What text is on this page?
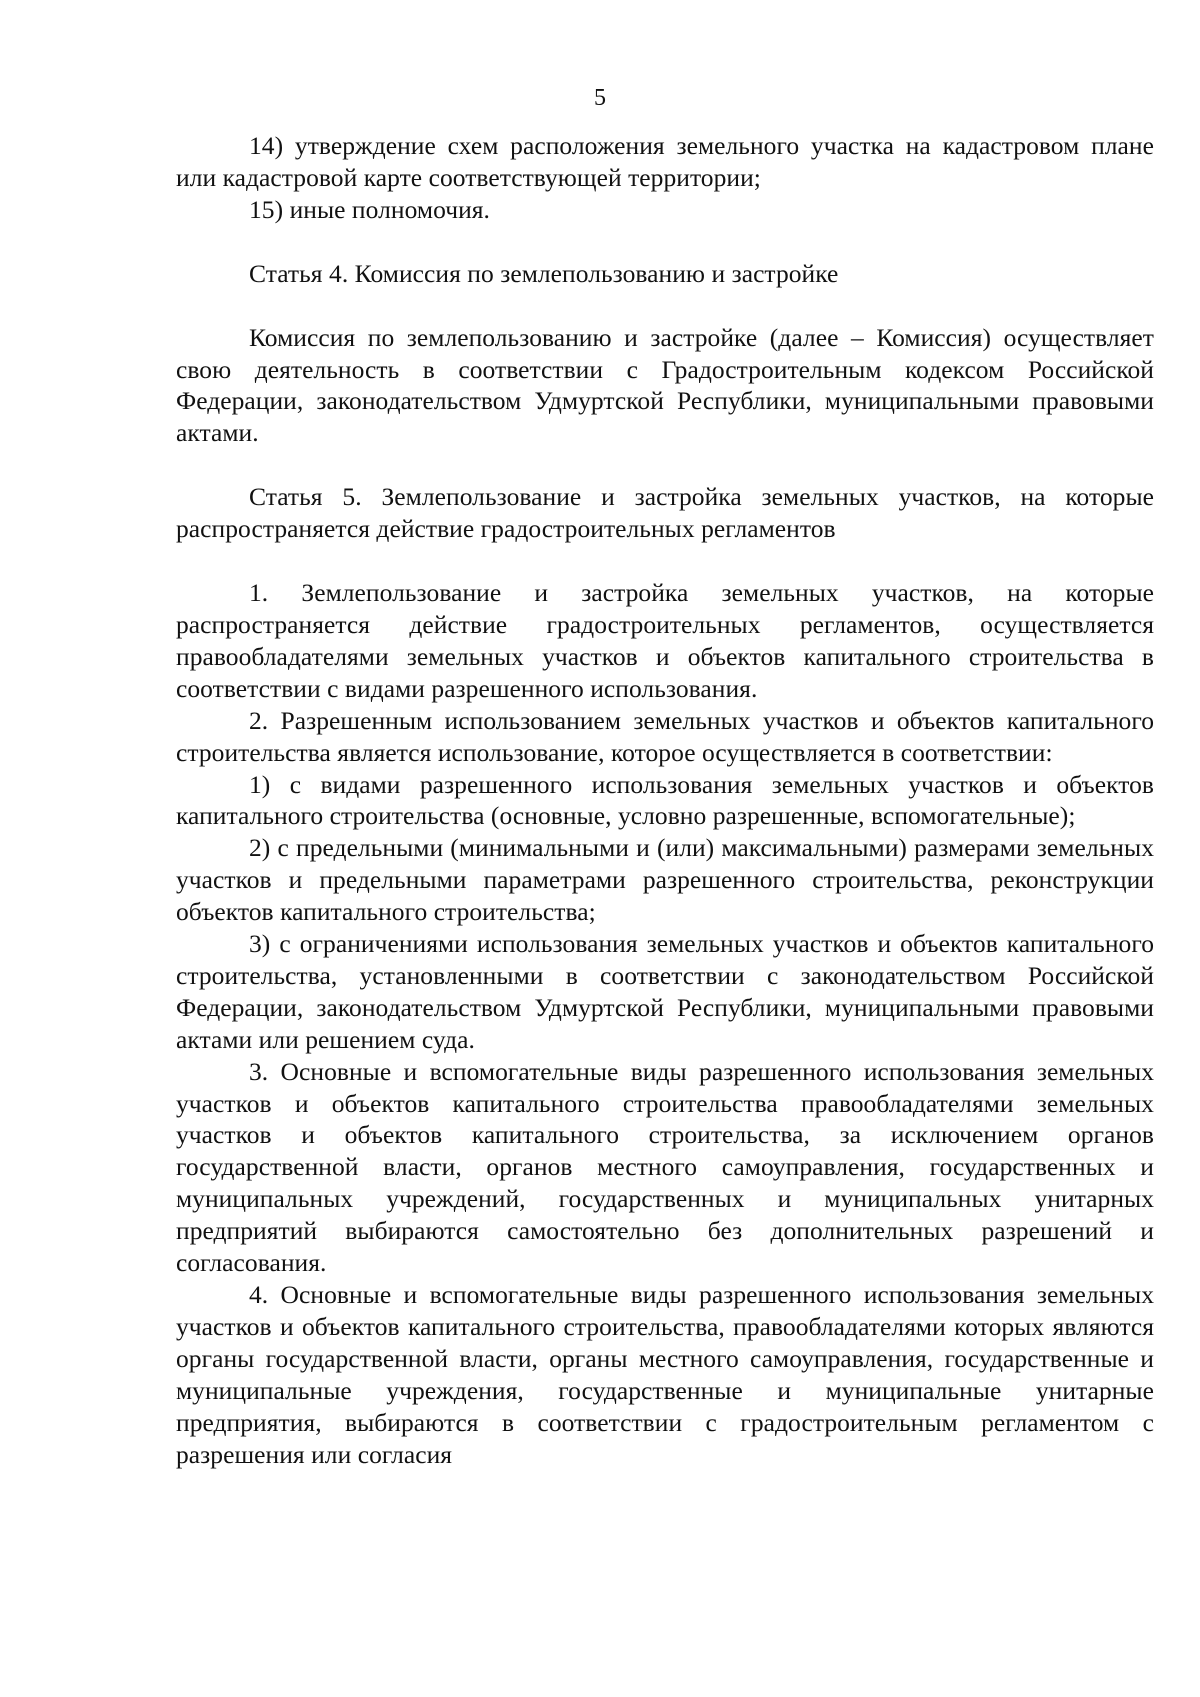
5

14) утверждение схем расположения земельного участка на кадастровом плане или кадастровой карте соответствующей территории;

15) иные полномочия.

Статья 4. Комиссия по землепользованию и застройке

Комиссия по землепользованию и застройке (далее – Комиссия) осуществляет свою деятельность в соответствии с Градостроительным кодексом Российской Федерации, законодательством Удмуртской Республики, муниципальными правовыми актами.

Статья 5. Землепользование и застройка земельных участков, на которые распространяется действие градостроительных регламентов

1. Землепользование и застройка земельных участков, на которые распространяется действие градостроительных регламентов, осуществляется правообладателями земельных участков и объектов капитального строительства в соответствии с видами разрешенного использования.

2. Разрешенным использованием земельных участков и объектов капитального строительства является использование, которое осуществляется в соответствии:

1) с видами разрешенного использования земельных участков и объектов капитального строительства (основные, условно разрешенные, вспомогательные);

2) с предельными (минимальными и (или) максимальными) размерами земельных участков и предельными параметрами разрешенного строительства, реконструкции объектов капитального строительства;

3) с ограничениями использования земельных участков и объектов капитального строительства, установленными в соответствии с законодательством Российской Федерации, законодательством Удмуртской Республики, муниципальными правовыми актами или решением суда.

3. Основные и вспомогательные виды разрешенного использования земельных участков и объектов капитального строительства правообладателями земельных участков и объектов капитального строительства, за исключением органов государственной власти, органов местного самоуправления, государственных и муниципальных учреждений, государственных и муниципальных унитарных предприятий выбираются самостоятельно без дополнительных разрешений и согласования.

4. Основные и вспомогательные виды разрешенного использования земельных участков и объектов капитального строительства, правообладателями которых являются органы государственной власти, органы местного самоуправления, государственные и муниципальные учреждения, государственные и муниципальные унитарные предприятия, выбираются в соответствии с градостроительным регламентом с разрешения или согласия
